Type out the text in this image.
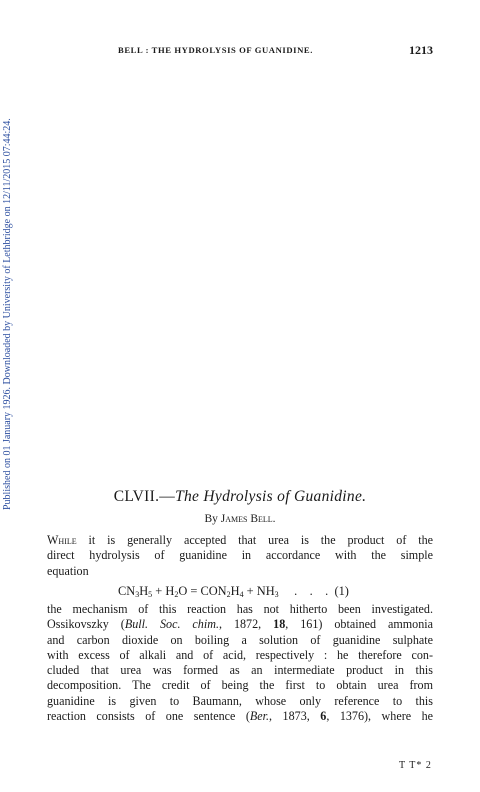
Published on 01 January 1926. Downloaded by University of Lethbridge on 12/11/2015 07:44:24.
BELL : THE HYDROLYSIS OF GUANIDINE.	1213
CLVII.—The Hydrolysis of Guanidine.
By James Bell.
While it is generally accepted that urea is the product of the
direct hydrolysis of guanidine in accordance with the simple
equation
$CN_3H_5 + H_2O = CON_2H_4 + NH_3$ .    .    . (1)
the mechanism of this reaction has not hitherto been investigated.
Ossikovszky (Bull. Soc. chim., 1872, 18, 161) obtained ammonia
and carbon dioxide on boiling a solution of guanidine sulphate
with excess of alkali and of acid, respectively : he therefore con-
cluded that urea was formed as an intermediate product in this
decomposition. The credit of being the first to obtain urea from
guanidine is given to Baumann, whose only reference to this
reaction consists of one sentence (Ber., 1873, 6, 1376), where he
T T* 2
